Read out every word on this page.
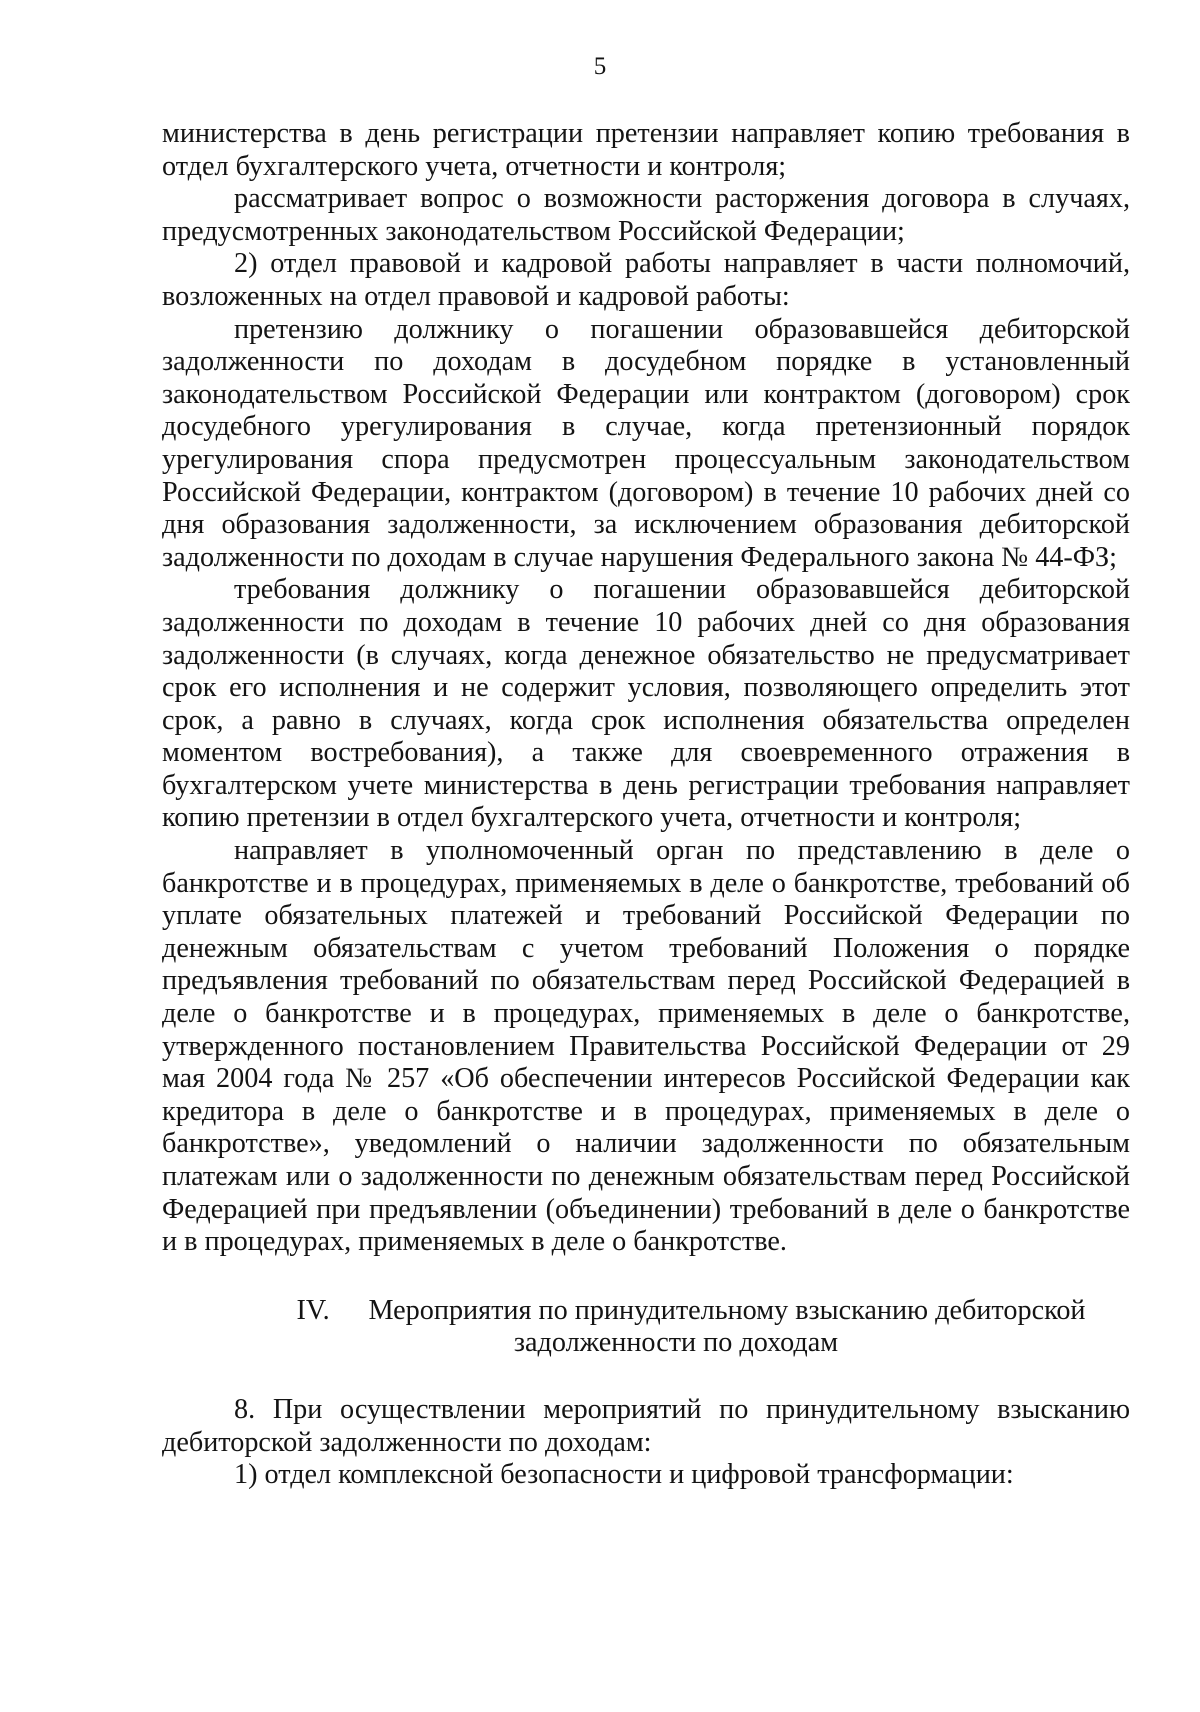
5

министерства в день регистрации претензии направляет копию требования в отдел бухгалтерского учета, отчетности и контроля;

рассматривает вопрос о возможности расторжения договора в случаях, предусмотренных законодательством Российской Федерации;

2) отдел правовой и кадровой работы направляет в части полномочий, возложенных на отдел правовой и кадровой работы:

претензию должнику о погашении образовавшейся дебиторской задолженности по доходам в досудебном порядке в установленный законодательством Российской Федерации или контрактом (договором) срок досудебного урегулирования в случае, когда претензионный порядок урегулирования спора предусмотрен процессуальным законодательством Российской Федерации, контрактом (договором) в течение 10 рабочих дней со дня образования задолженности, за исключением образования дебиторской задолженности по доходам в случае нарушения Федерального закона № 44-ФЗ;

требования должнику о погашении образовавшейся дебиторской задолженности по доходам в течение 10 рабочих дней со дня образования задолженности (в случаях, когда денежное обязательство не предусматривает срок его исполнения и не содержит условия, позволяющего определить этот срок, а равно в случаях, когда срок исполнения обязательства определен моментом востребования), а также для своевременного отражения в бухгалтерском учете министерства в день регистрации требования направляет копию претензии в отдел бухгалтерского учета, отчетности и контроля;

направляет в уполномоченный орган по представлению в деле о банкротстве и в процедурах, применяемых в деле о банкротстве, требований об уплате обязательных платежей и требований Российской Федерации по денежным обязательствам с учетом требований Положения о порядке предъявления требований по обязательствам перед Российской Федерацией в деле о банкротстве и в процедурах, применяемых в деле о банкротстве, утвержденного постановлением Правительства Российской Федерации от 29 мая 2004 года № 257 «Об обеспечении интересов Российской Федерации как кредитора в деле о банкротстве и в процедурах, применяемых в деле о банкротстве», уведомлений о наличии задолженности по обязательным платежам или о задолженности по денежным обязательствам перед Российской Федерацией при предъявлении (объединении) требований в деле о банкротстве и в процедурах, применяемых в деле о банкротстве.

IV. Мероприятия по принудительному взысканию дебиторской
задолженности по доходам

8. При осуществлении мероприятий по принудительному взысканию дебиторской задолженности по доходам:

1) отдел комплексной безопасности и цифровой трансформации:
